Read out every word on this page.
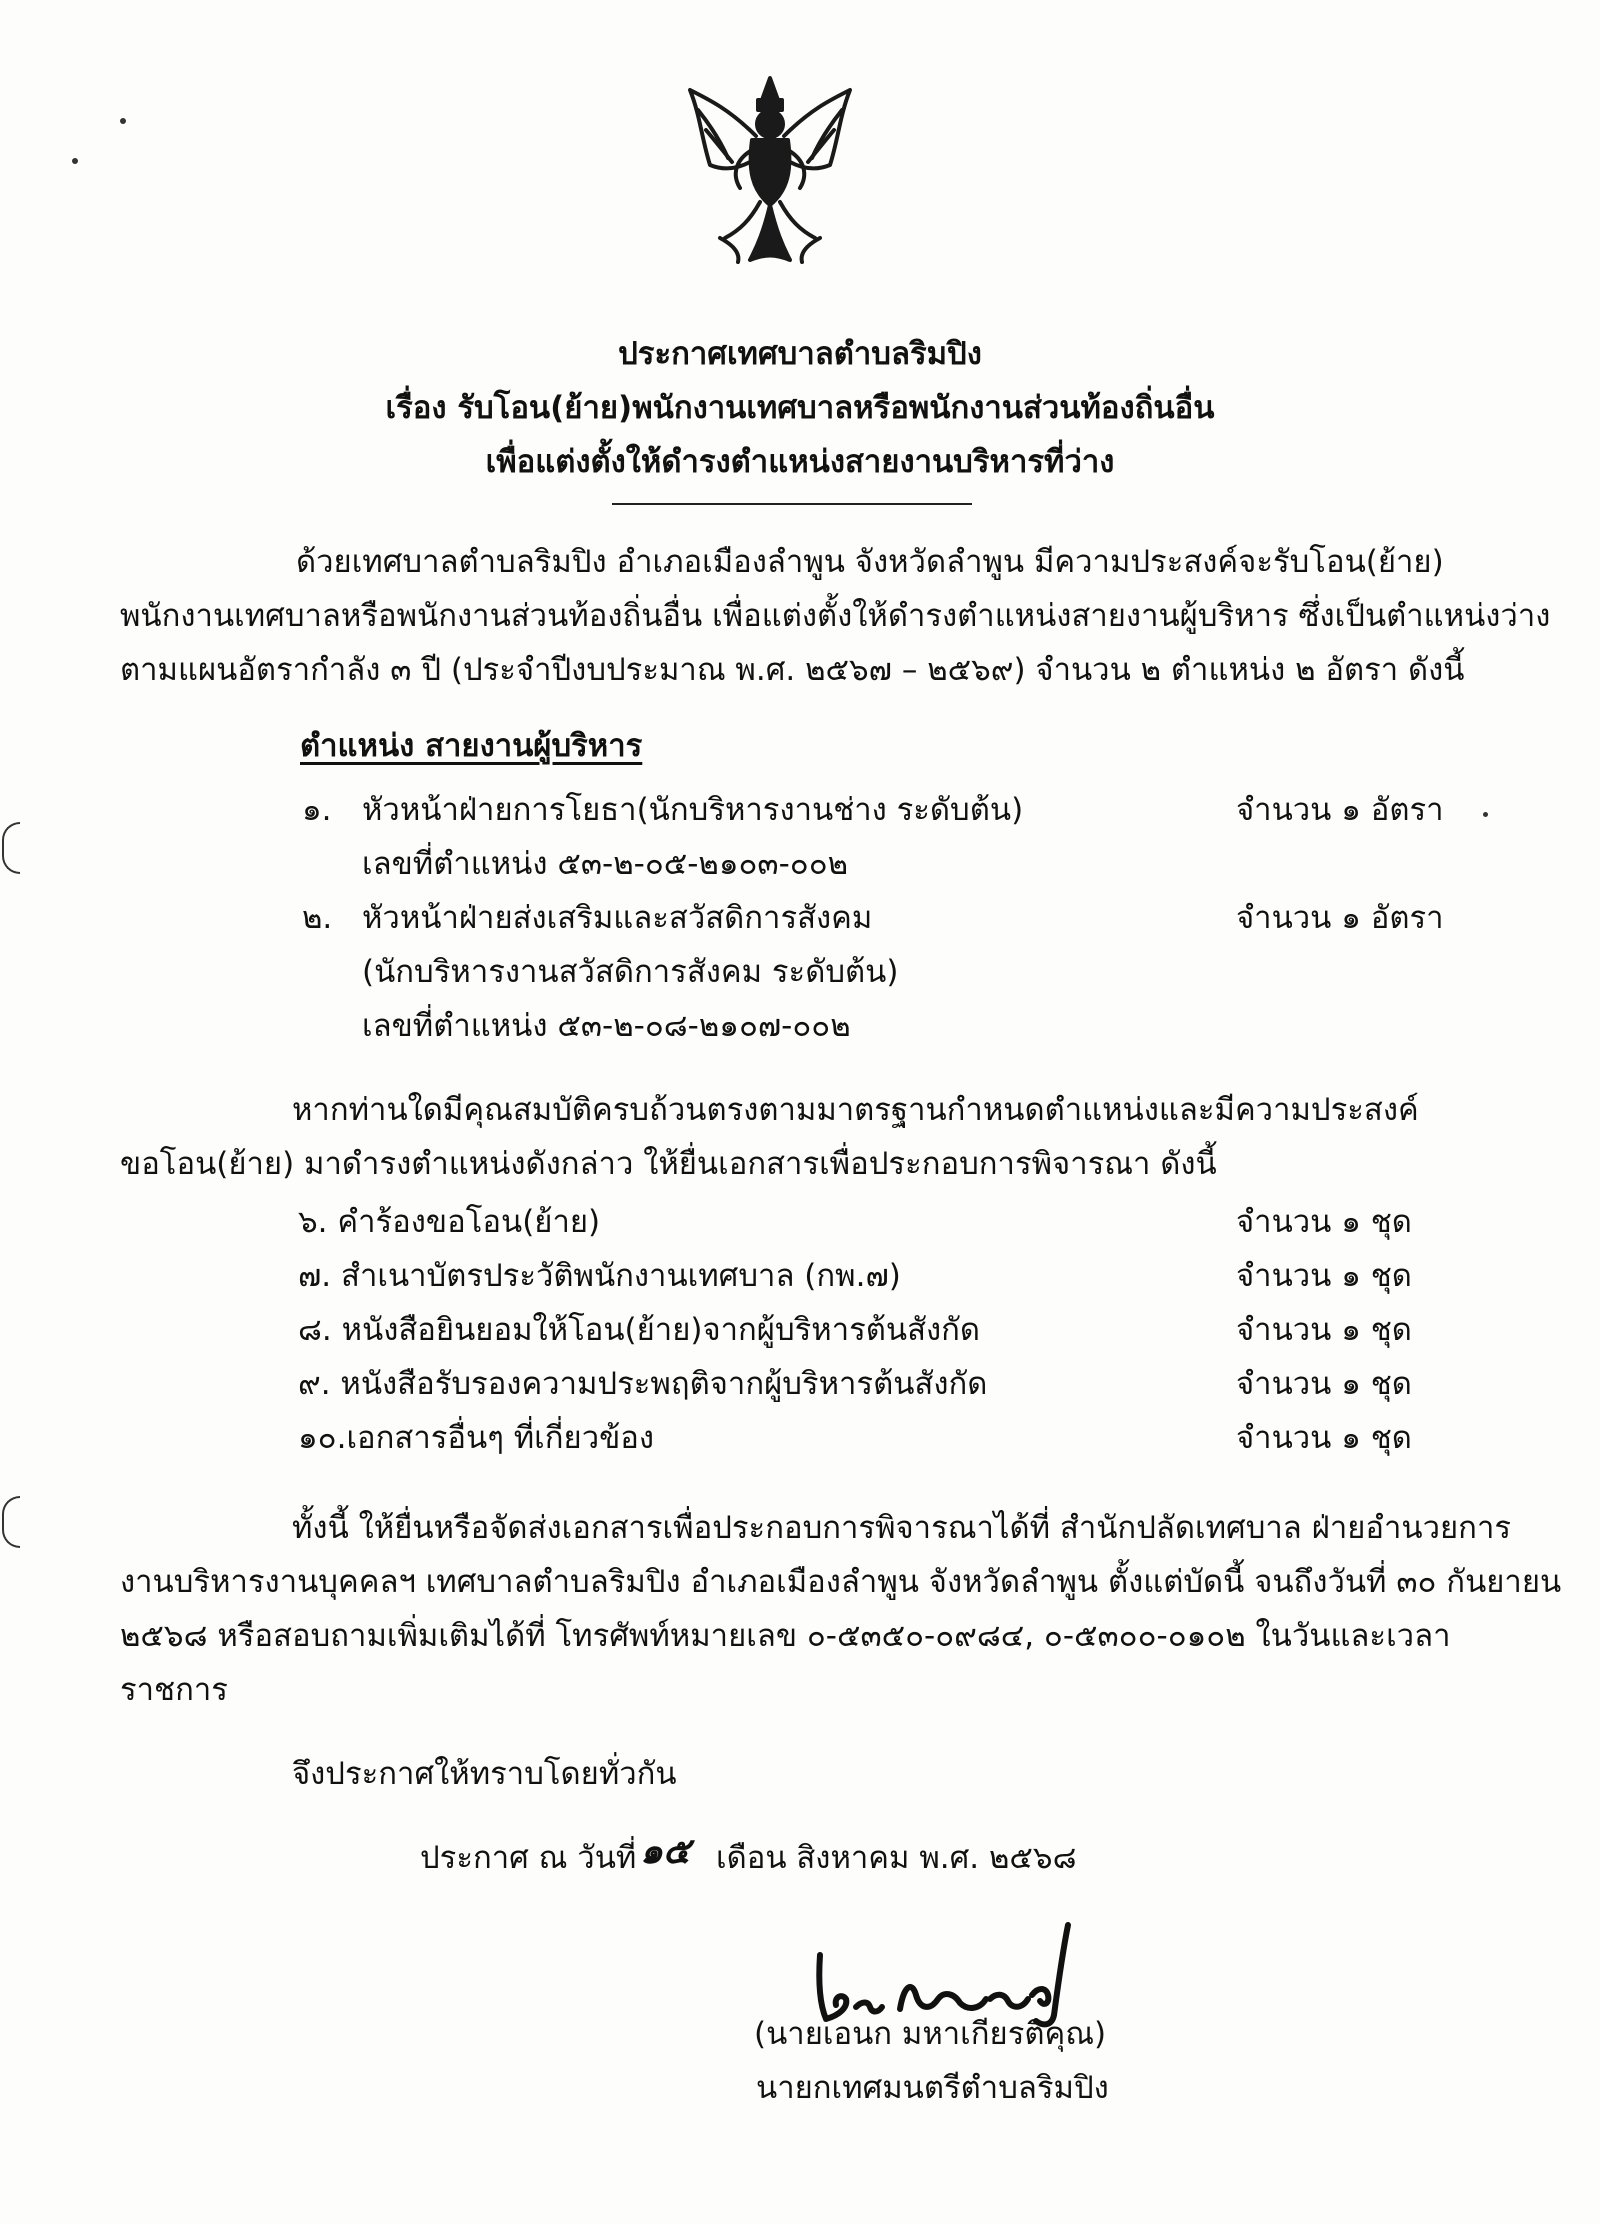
ประกาศเทศบาลตำบลริมปิง
เรื่อง รับโอน(ย้าย)พนักงานเทศบาลหรือพนักงานส่วนท้องถิ่นอื่น
เพื่อแต่งตั้งให้ดำรงตำแหน่งสายงานบริหารที่ว่าง
ด้วยเทศบาลตำบลริมปิง อำเภอเมืองลำพูน จังหวัดลำพูน มีความประสงค์จะรับโอน(ย้าย)
พนักงานเทศบาลหรือพนักงานส่วนท้องถิ่นอื่น เพื่อแต่งตั้งให้ดำรงตำแหน่งสายงานผู้บริหาร ซึ่งเป็นตำแหน่งว่าง
ตามแผนอัตรากำลัง ๓ ปี (ประจำปีงบประมาณ พ.ศ. ๒๕๖๗ – ๒๕๖๙) จำนวน ๒ ตำแหน่ง ๒ อัตรา ดังนี้
ตำแหน่ง สายงานผู้บริหาร
๑. หัวหน้าฝ่ายการโยธา(นักบริหารงานช่าง ระดับต้น)	จำนวน ๑ อัตรา
เลขที่ตำแหน่ง ๕๓-๒-๐๕-๒๑๐๓-๐๐๒
๒. หัวหน้าฝ่ายส่งเสริมและสวัสดิการสังคม	จำนวน ๑ อัตรา
(นักบริหารงานสวัสดิการสังคม ระดับต้น)
เลขที่ตำแหน่ง ๕๓-๒-๐๘-๒๑๐๗-๐๐๒
หากท่านใดมีคุณสมบัติครบถ้วนตรงตามมาตรฐานกำหนดตำแหน่งและมีความประสงค์
ขอโอน(ย้าย) มาดำรงตำแหน่งดังกล่าว ให้ยื่นเอกสารเพื่อประกอบการพิจารณา ดังนี้
๖. คำร้องขอโอน(ย้าย)	จำนวน ๑ ชุด
๗. สำเนาบัตรประวัติพนักงานเทศบาล (กพ.๗)	จำนวน ๑ ชุด
๘. หนังสือยินยอมให้โอน(ย้าย)จากผู้บริหารต้นสังกัด	จำนวน ๑ ชุด
๙. หนังสือรับรองความประพฤติจากผู้บริหารต้นสังกัด	จำนวน ๑ ชุด
๑๐.เอกสารอื่นๆ ที่เกี่ยวข้อง	จำนวน ๑ ชุด
ทั้งนี้ ให้ยื่นหรือจัดส่งเอกสารเพื่อประกอบการพิจารณาได้ที่ สำนักปลัดเทศบาล ฝ่ายอำนวยการ
งานบริหารงานบุคคลฯ เทศบาลตำบลริมปิง อำเภอเมืองลำพูน จังหวัดลำพูน ตั้งแต่บัดนี้ จนถึงวันที่ ๓๐ กันยายน
๒๕๖๘ หรือสอบถามเพิ่มเติมได้ที่ โทรศัพท์หมายเลข ๐-๕๓๕๐-๐๙๘๔, ๐-๕๓๐๐-๐๑๐๒ ในวันและเวลา
ราชการ
จึงประกาศให้ทราบโดยทั่วกัน
ประกาศ ณ วันที่ ๑๕ เดือน สิงหาคม พ.ศ. ๒๕๖๘
(นายเอนก มหาเกียรติคุณ)
นายกเทศมนตรีตำบลริมปิง
